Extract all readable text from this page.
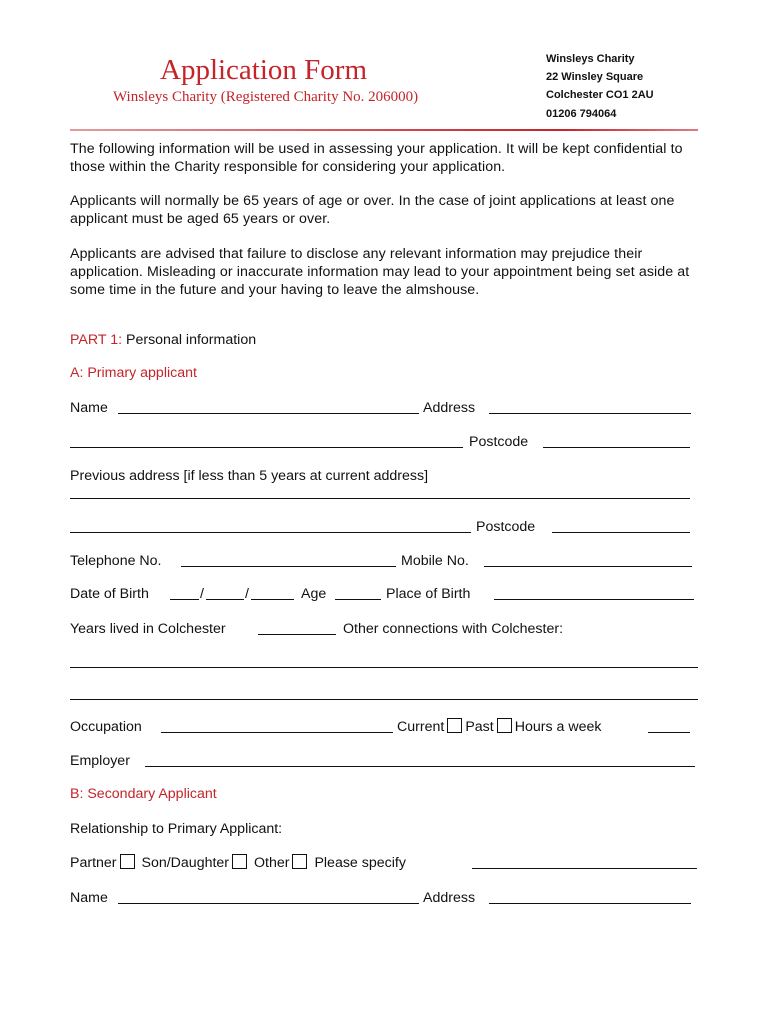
Application Form
Winsleys Charity (Registered Charity No. 206000)
Winsleys Charity
22 Winsley Square
Colchester CO1 2AU
01206 794064
The following information will be used in assessing your application. It will be kept confidential to those within the Charity responsible for considering your application.
Applicants will normally be 65 years of age or over. In the case of joint applications at least one applicant must be aged 65 years or over.
Applicants are advised that failure to disclose any relevant information may prejudice their application. Misleading or inaccurate information may lead to your appointment being set aside at some time in the future and your having to leave the almshouse.
PART 1: Personal information
A: Primary applicant
Name	Address
Postcode
Previous address [if less than 5 years at current address]
Postcode
Telephone No.	Mobile No.
Date of Birth	/	/	Age	Place of Birth
Years lived in Colchester	Other connections with Colchester:
Occupation	Current Past Hours a week
Employer
B: Secondary Applicant
Relationship to Primary Applicant:
Partner Son/Daughter Other Please specify
Name	Address
